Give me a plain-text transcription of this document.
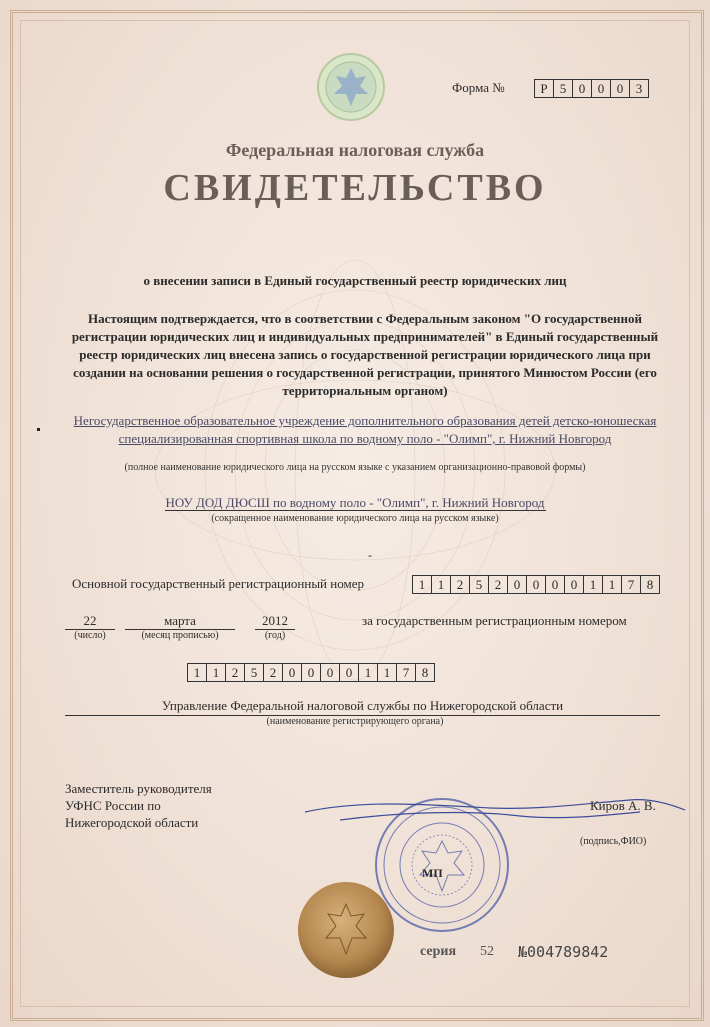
Форма №	Р 5 0 0 0 3
Федеральная налоговая служба
СВИДЕТЕЛЬСТВО
о внесении записи в Единый государственный реестр юридических лиц
Настоящим подтверждается, что в соответствии с Федеральным законом "О государственной регистрации юридических лиц и индивидуальных предпринимателей" в Единый государственный реестр юридических лиц внесена запись о государственной регистрации юридического лица при создании на основании решения о государственной регистрации, принятого Минюстом России (его территориальным органом)
Негосударственное образовательное учреждение дополнительного образования детей детско-юношеская специализированная спортивная школа по водному поло - "Олимп", г. Нижний Новгород
(полное наименование юридического лица на русском языке с указанием организационно-правовой формы)
НОУ ДОД ДЮСШ по водному поло - "Олимп", г. Нижний Новгород
(сокращенное наименование юридического лица на русском языке)
-
Основной государственный регистрационный номер	1 1 2 5 2 0 0 0 0 1 1 7 8
22
(число)
марта
(месяц прописью)
2012
(год)
за государственным регистрационным номером
1 1 2 5 2 0 0 0 0 1 1 7 8
Управление Федеральной налоговой службы по Нижегородской области
(наименование регистрирующего органа)
Заместитель руководителя
УФНС России по
Нижегородской области
Киров А. В.
(подпись,ФИО)
МП
серия 52 №004789842
